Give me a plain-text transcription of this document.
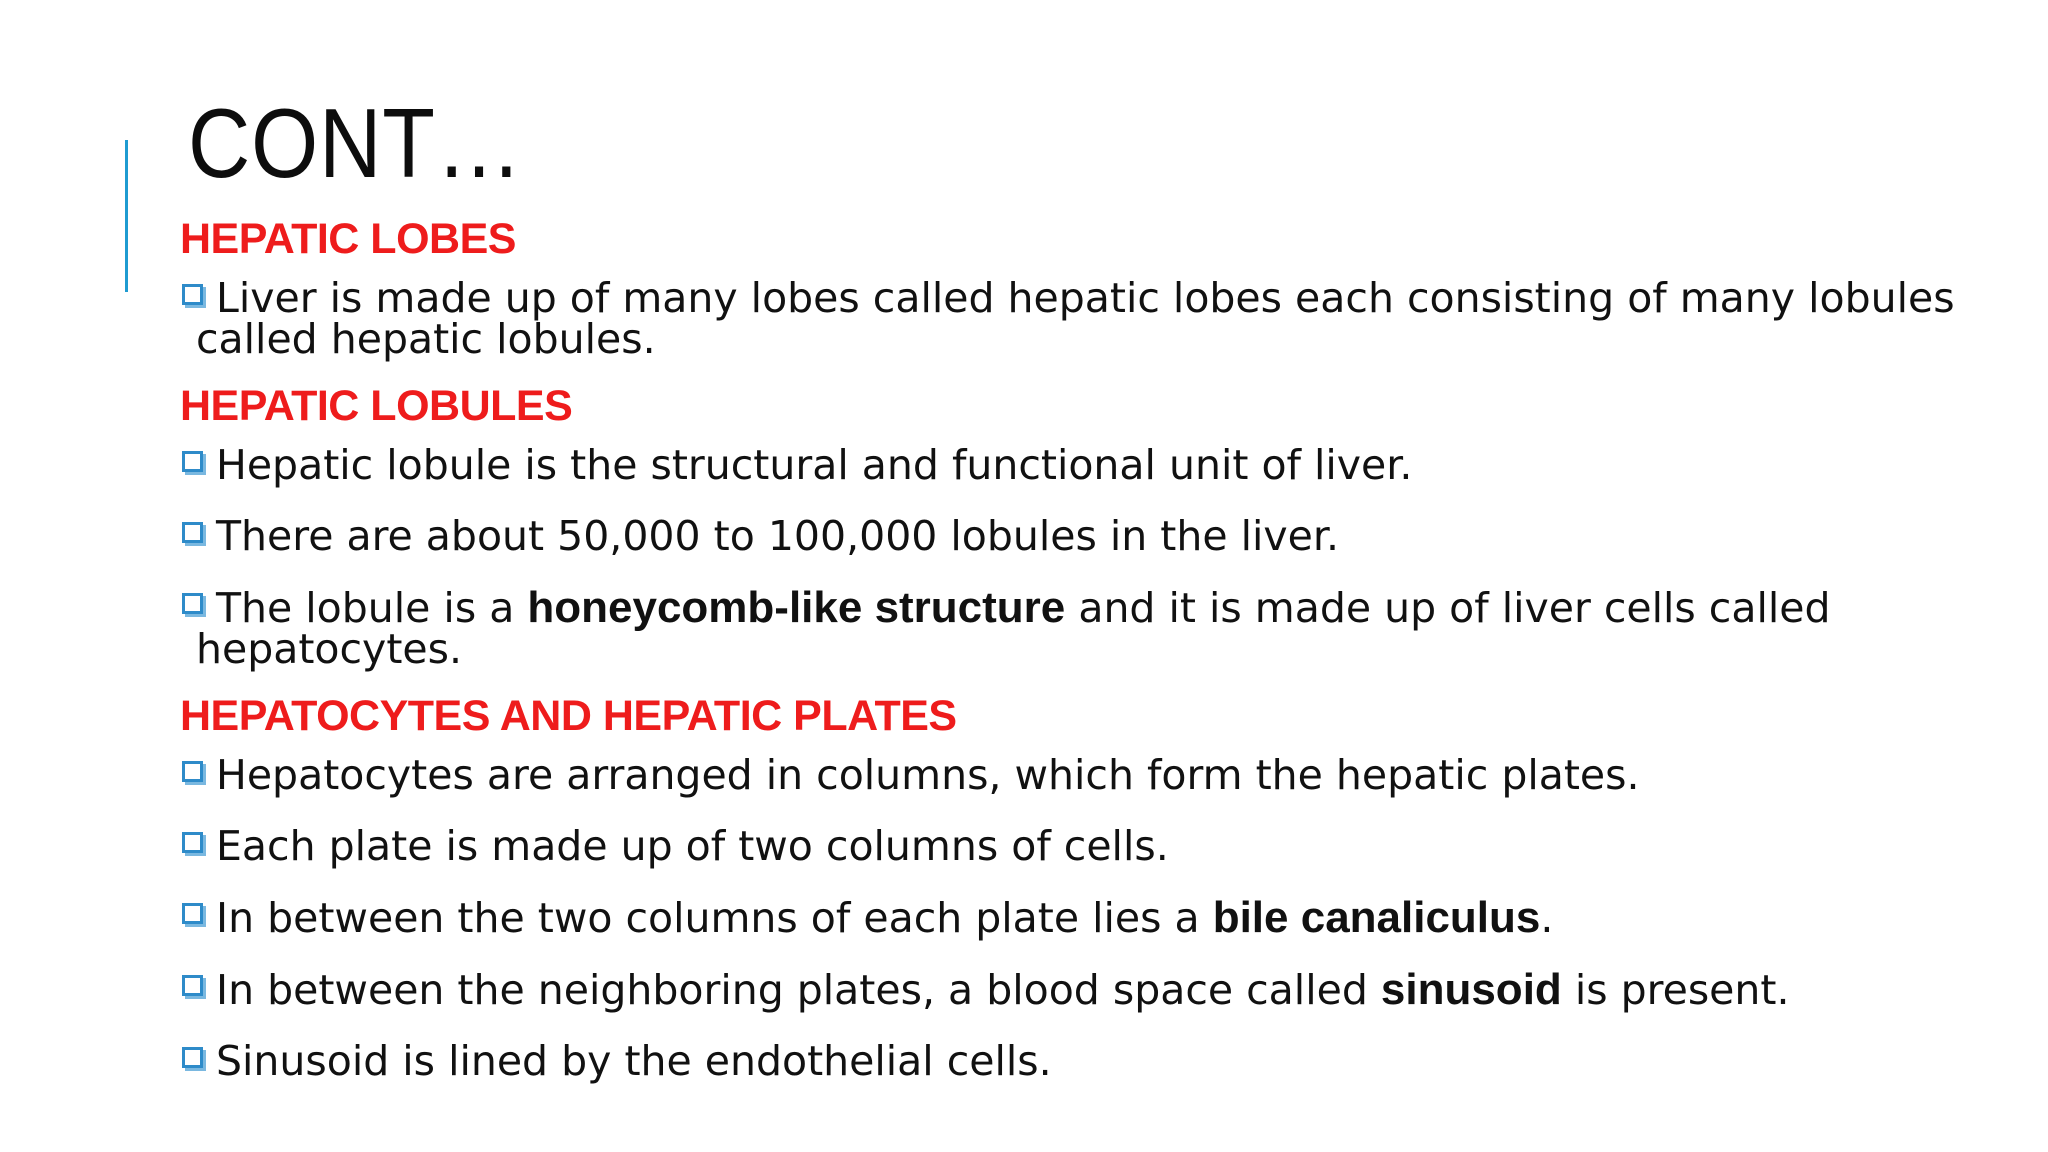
CONT…

HEPATIC LOBES

Liver is made up of many lobes called hepatic lobes each consisting of many lobules called hepatic lobules.

HEPATIC LOBULES

Hepatic lobule is the structural and functional unit of liver.

There are about 50,000 to 100,000 lobules in the liver.

The lobule is a honeycomb-like structure and it is made up of liver cells called hepatocytes.

HEPATOCYTES AND HEPATIC PLATES

Hepatocytes are arranged in columns, which form the hepatic plates.

Each plate is made up of two columns of cells.

In between the two columns of each plate lies a bile canaliculus.

In between the neighboring plates, a blood space called sinusoid is present.

Sinusoid is lined by the endothelial cells.
